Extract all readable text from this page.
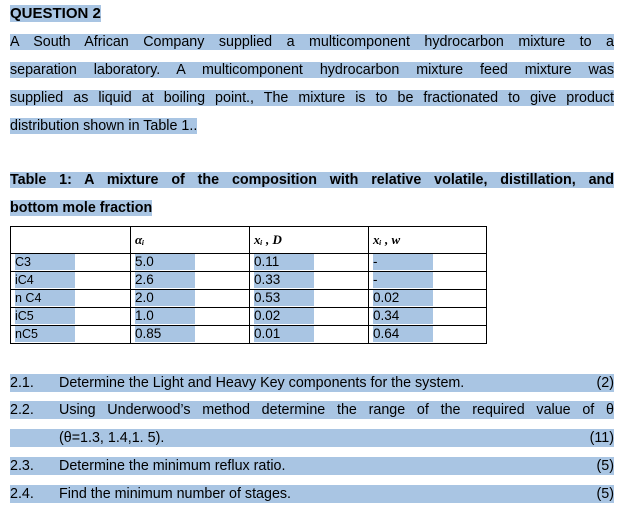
QUESTION 2
A South African Company supplied a multicomponent hydrocarbon mixture to a
separation laboratory. A multicomponent hydrocarbon mixture feed mixture was
supplied as liquid at boiling point., The mixture is to be fractionated to give product
distribution shown in Table 1..
Table 1: A mixture of the composition with relative volatile, distillation, and
bottom mole fraction
	αᵢ	xᵢ , D	xᵢ , w
C3	5.0	0.11	-
iC4	2.6	0.33	-
n C4	2.0	0.53	0.02
iC5	1.0	0.02	0.34
nC5	0.85	0.01	0.64
2.1. Determine the Light and Heavy Key components for the system.	(2)
2.2. Using Underwood’s method determine the range of the required value of θ
(θ=1.3, 1.4,1. 5).	(11)
2.3. Determine the minimum reflux ratio.	(5)
2.4. Find the minimum number of stages.	(5)
